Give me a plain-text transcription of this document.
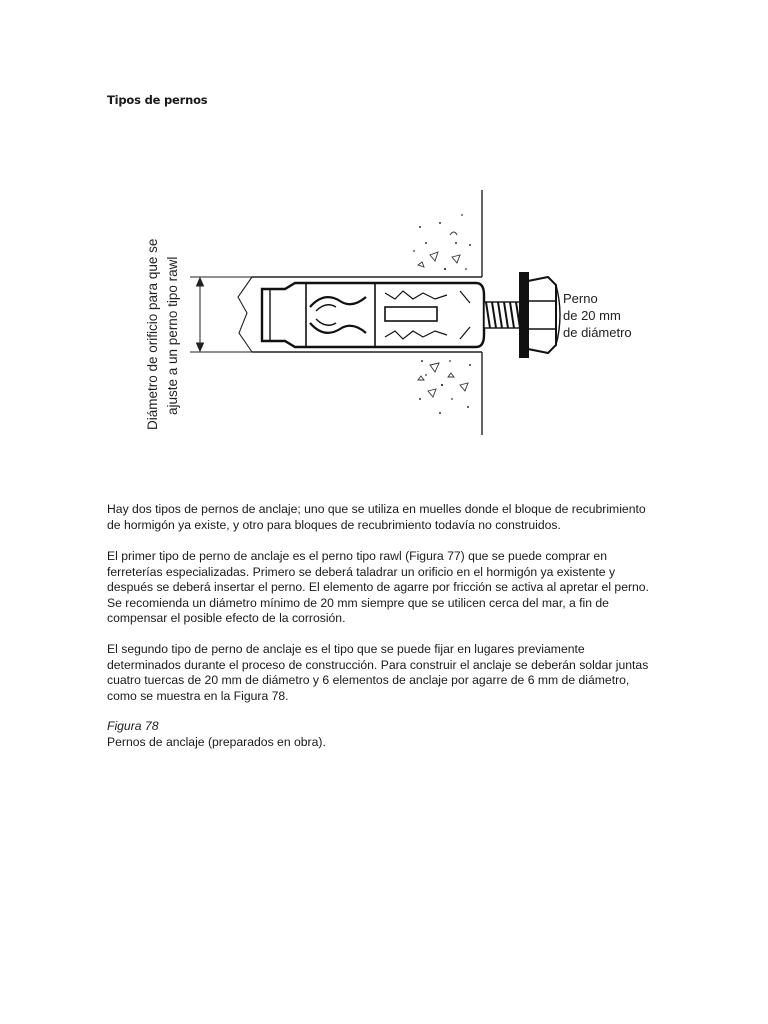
Tipos de pernos
Diámetro de orificio para que se ajuste a un perno tipo rawl	Perno
de 20 mm
de diámetro

Hay dos tipos de pernos de anclaje; uno que se utiliza en muelles donde el bloque de recubrimiento de hormigón ya existe, y otro para bloques de recubrimiento todavía no construidos.

El primer tipo de perno de anclaje es el perno tipo rawl (Figura 77) que se puede comprar en ferreterías especializadas. Primero se deberá taladrar un orificio en el hormigón ya existente y después se deberá insertar el perno. El elemento de agarre por fricción se activa al apretar el perno. Se recomienda un diámetro mínimo de 20 mm siempre que se utilicen cerca del mar, a fin de compensar el posible efecto de la corrosión.

El segundo tipo de perno de anclaje es el tipo que se puede fijar en lugares previamente determinados durante el proceso de construcción. Para construir el anclaje se deberán soldar juntas cuatro tuercas de 20 mm de diámetro y 6 elementos de anclaje por agarre de 6 mm de diámetro, como se muestra en la Figura 78.

Figura 78
Pernos de anclaje (preparados en obra).
